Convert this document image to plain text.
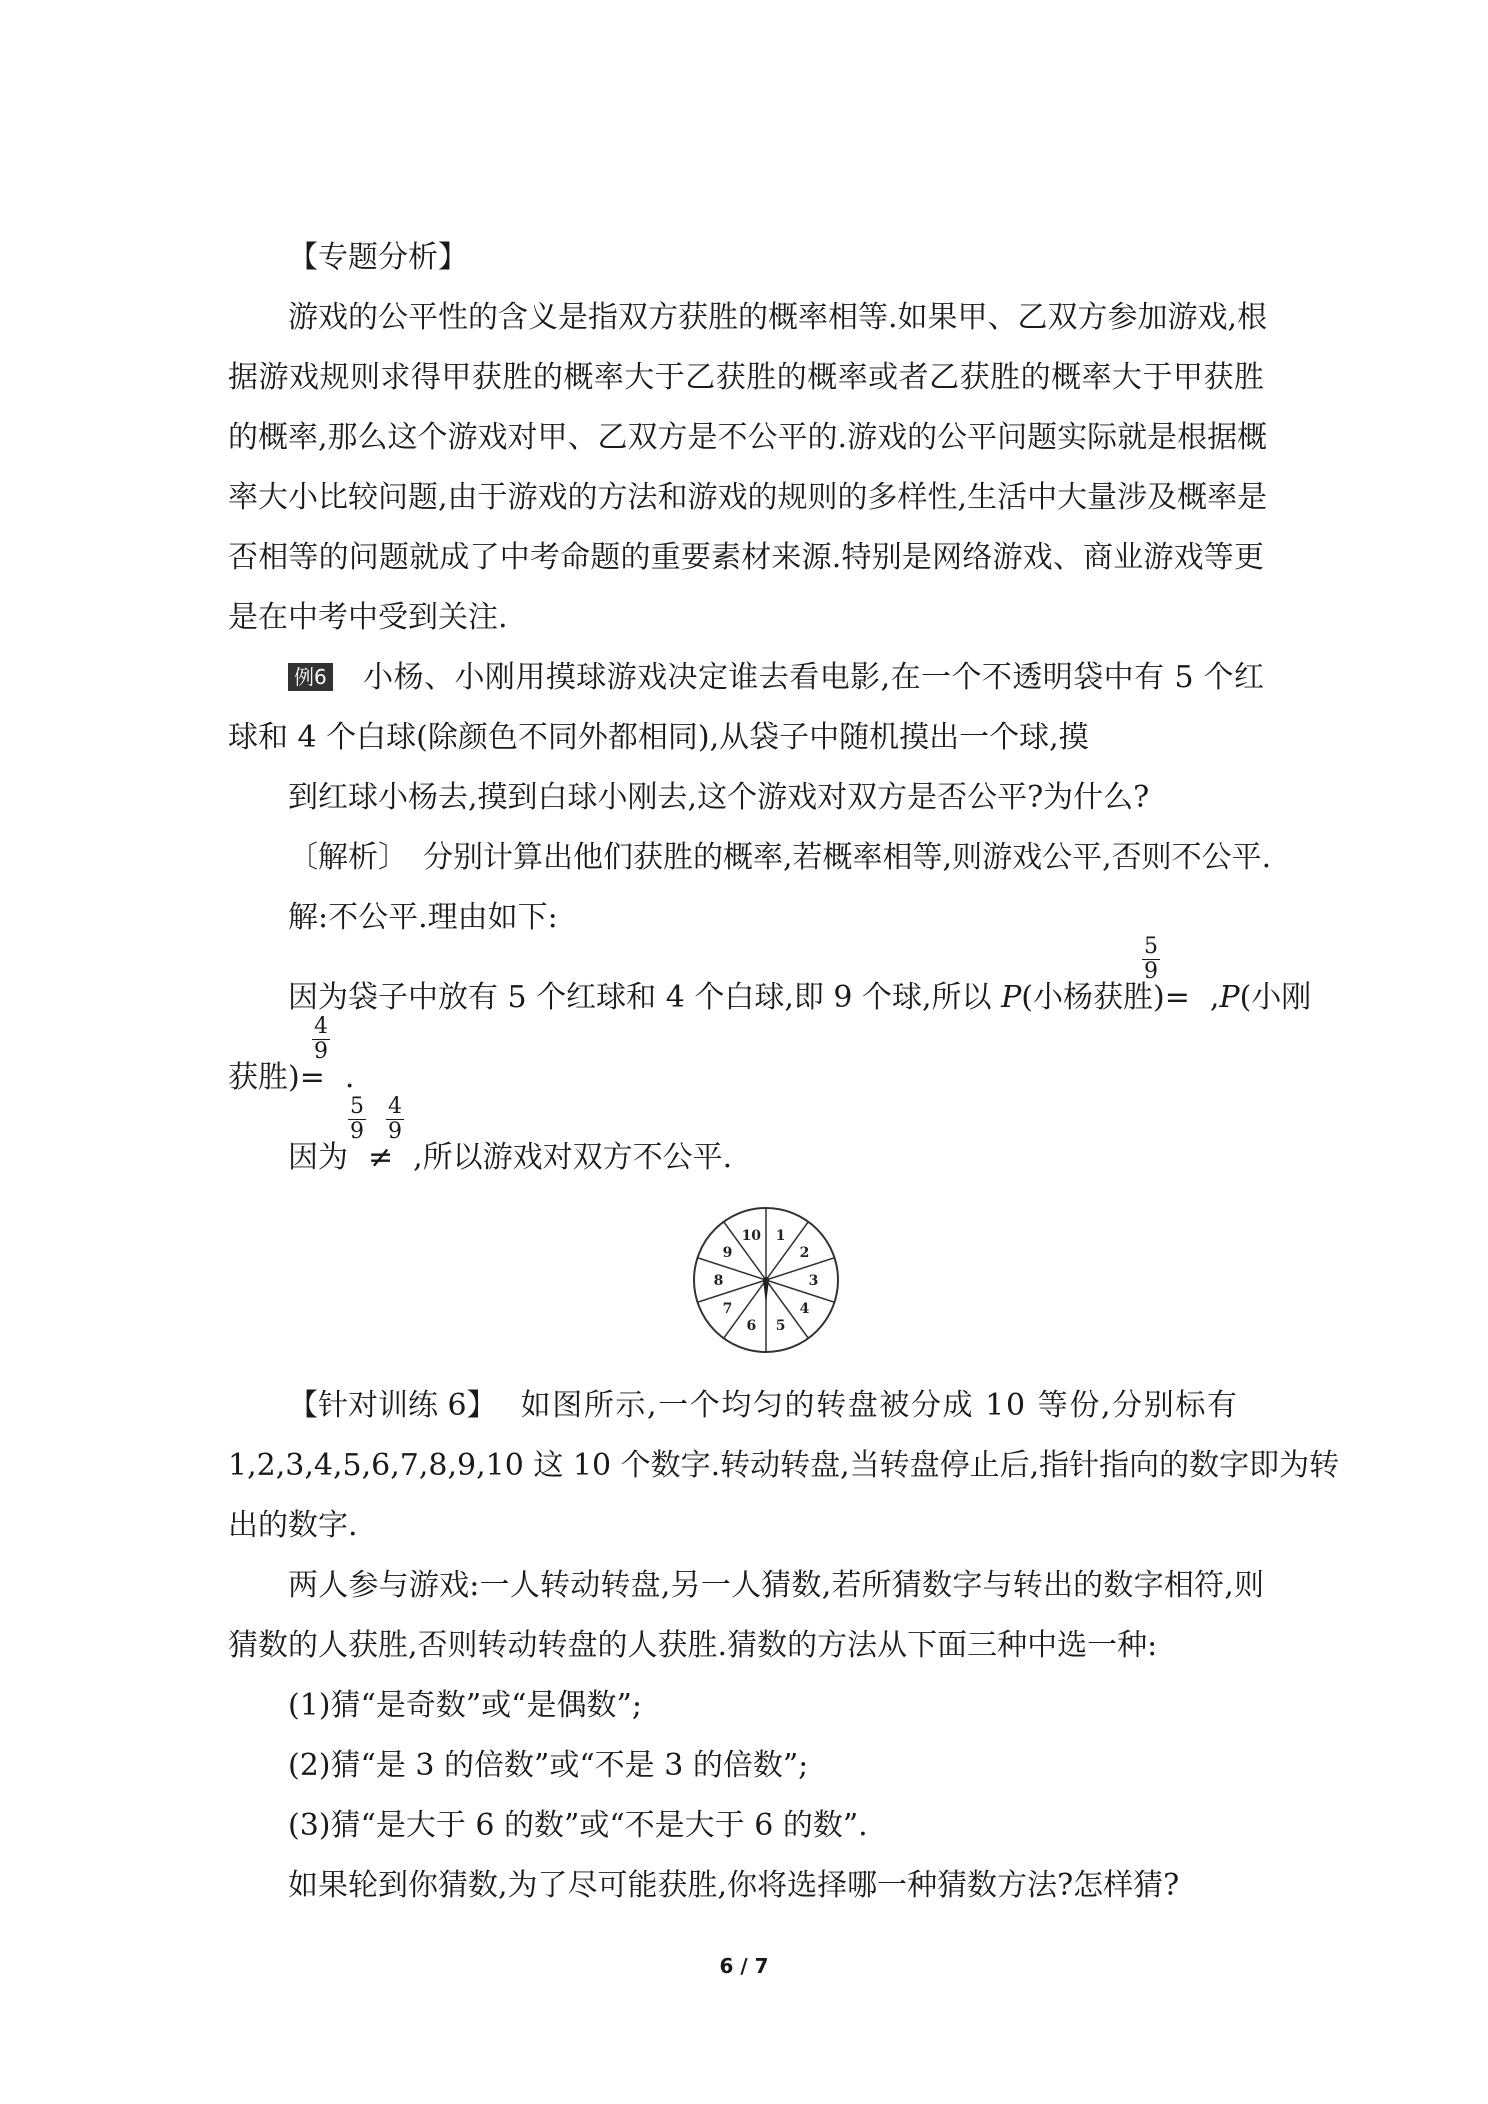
【专题分析】
游戏的公平性的含义是指双方获胜的概率相等.如果甲、乙双方参加游戏,根
据游戏规则求得甲获胜的概率大于乙获胜的概率或者乙获胜的概率大于甲获胜
的概率,那么这个游戏对甲、乙双方是不公平的.游戏的公平问题实际就是根据概
率大小比较问题,由于游戏的方法和游戏的规则的多样性,生活中大量涉及概率是
否相等的问题就成了中考命题的重要素材来源.特别是网络游戏、商业游戏等更
是在中考中受到关注.
例6 小杨、小刚用摸球游戏决定谁去看电影,在一个不透明袋中有 5 个红
球和 4 个白球(除颜色不同外都相同),从袋子中随机摸出一个球,摸
到红球小杨去,摸到白球小刚去,这个游戏对双方是否公平?为什么?
〔解析〕　分别计算出他们获胜的概率,若概率相等,则游戏公平,否则不公平.
解:不公平.理由如下:
因为袋子中放有 5 个红球和 4 个白球,即 9 个球,所以 P(小杨获胜)= ,P(小刚
$\frac{5}{9}$
获胜)= .
$\frac{4}{9}$
因为 ≠ ,所以游戏对双方不公平.
$\frac{5}{9} \frac{4}{9}$
1
2
3
4
5
6
7
8
9
10
【针对训练 6】 如图所示,一个均匀的转盘被分成 10 等份,分别标有
1,2,3,4,5,6,7,8,9,10 这 10 个数字.转动转盘,当转盘停止后,指针指向的数字即为转
出的数字.
两人参与游戏:一人转动转盘,另一人猜数,若所猜数字与转出的数字相符,则
猜数的人获胜,否则转动转盘的人获胜.猜数的方法从下面三种中选一种:
(1)猜“是奇数”或“是偶数”;
(2)猜“是 3 的倍数”或“不是 3 的倍数”;
(3)猜“是大于 6 的数”或“不是大于 6 的数”.
如果轮到你猜数,为了尽可能获胜,你将选择哪一种猜数方法?怎样猜?
6 / 7
